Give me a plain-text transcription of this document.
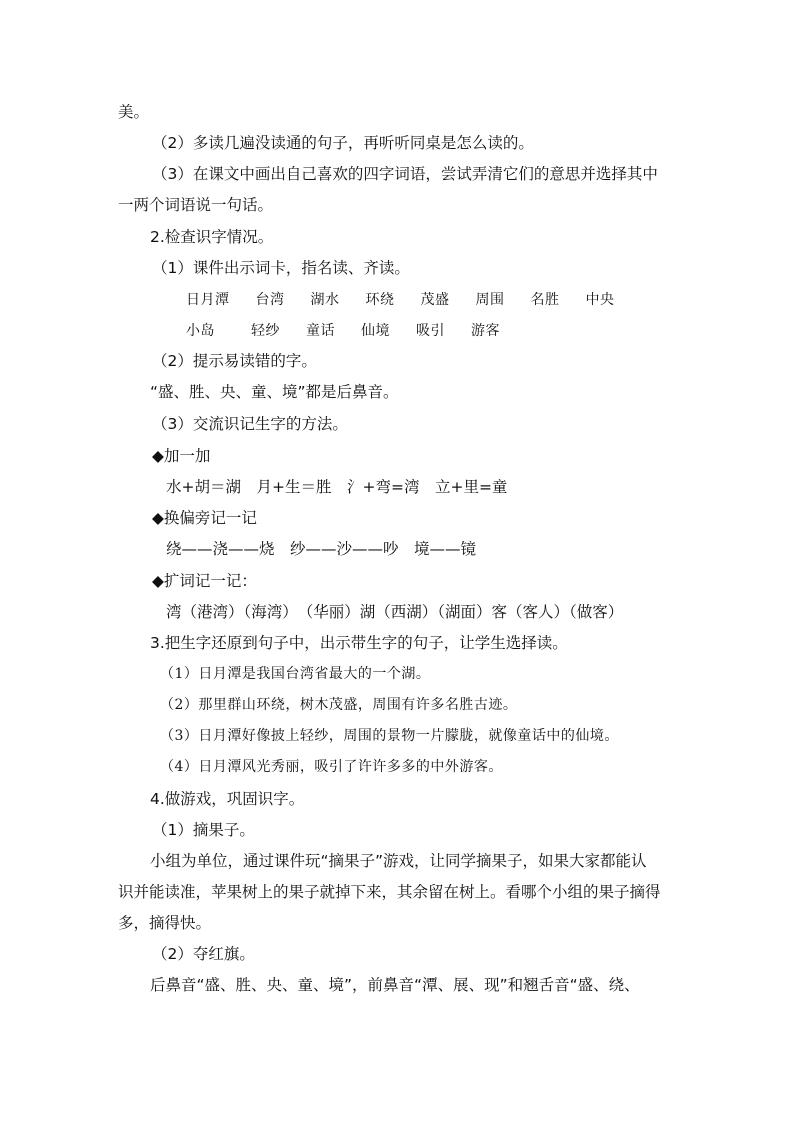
美。
（2）多读几遍没读通的句子，再听听同桌是怎么读的。
（3）在课文中画出自己喜欢的四字词语，尝试弄清它们的意思并选择其中
一两个词语说一句话。
2.检查识字情况。
（1）课件出示词卡，指名读、齐读。
日月潭 台湾 湖水 环绕 茂盛 周围 名胜 中央
小岛	轻纱 童话 仙境 吸引 游客
（2）提示易读错的字。
“盛、胜、央、童、境”都是后鼻音。
（3）交流识记生字的方法。
◆加一加
水+胡＝湖　月+生＝胜　氵+弯=湾　立+里=童
◆换偏旁记一记
绕——浇——烧　纱——沙——吵　境——镜
◆扩词记一记：
湾（港湾）（海湾）　（华丽）湖（西湖）（湖面）客（客人）（做客）
3.把生字还原到句子中，出示带生字的句子，让学生选择读。
（1）日月潭是我国台湾省最大的一个湖。
（2）那里群山环绕，树木茂盛，周围有许多名胜古迹。
（3）日月潭好像披上轻纱，周围的景物一片朦胧，就像童话中的仙境。
（4）日月潭风光秀丽，吸引了许许多多的中外游客。
4.做游戏，巩固识字。
（1）摘果子。
小组为单位，通过课件玩“摘果子”游戏，让同学摘果子，如果大家都能认
识并能读准，苹果树上的果子就掉下来，其余留在树上。看哪个小组的果子摘得
多，摘得快。
（2）夺红旗。
后鼻音“盛、胜、央、童、境”，前鼻音“潭、展、现”和翘舌音“盛、绕、
